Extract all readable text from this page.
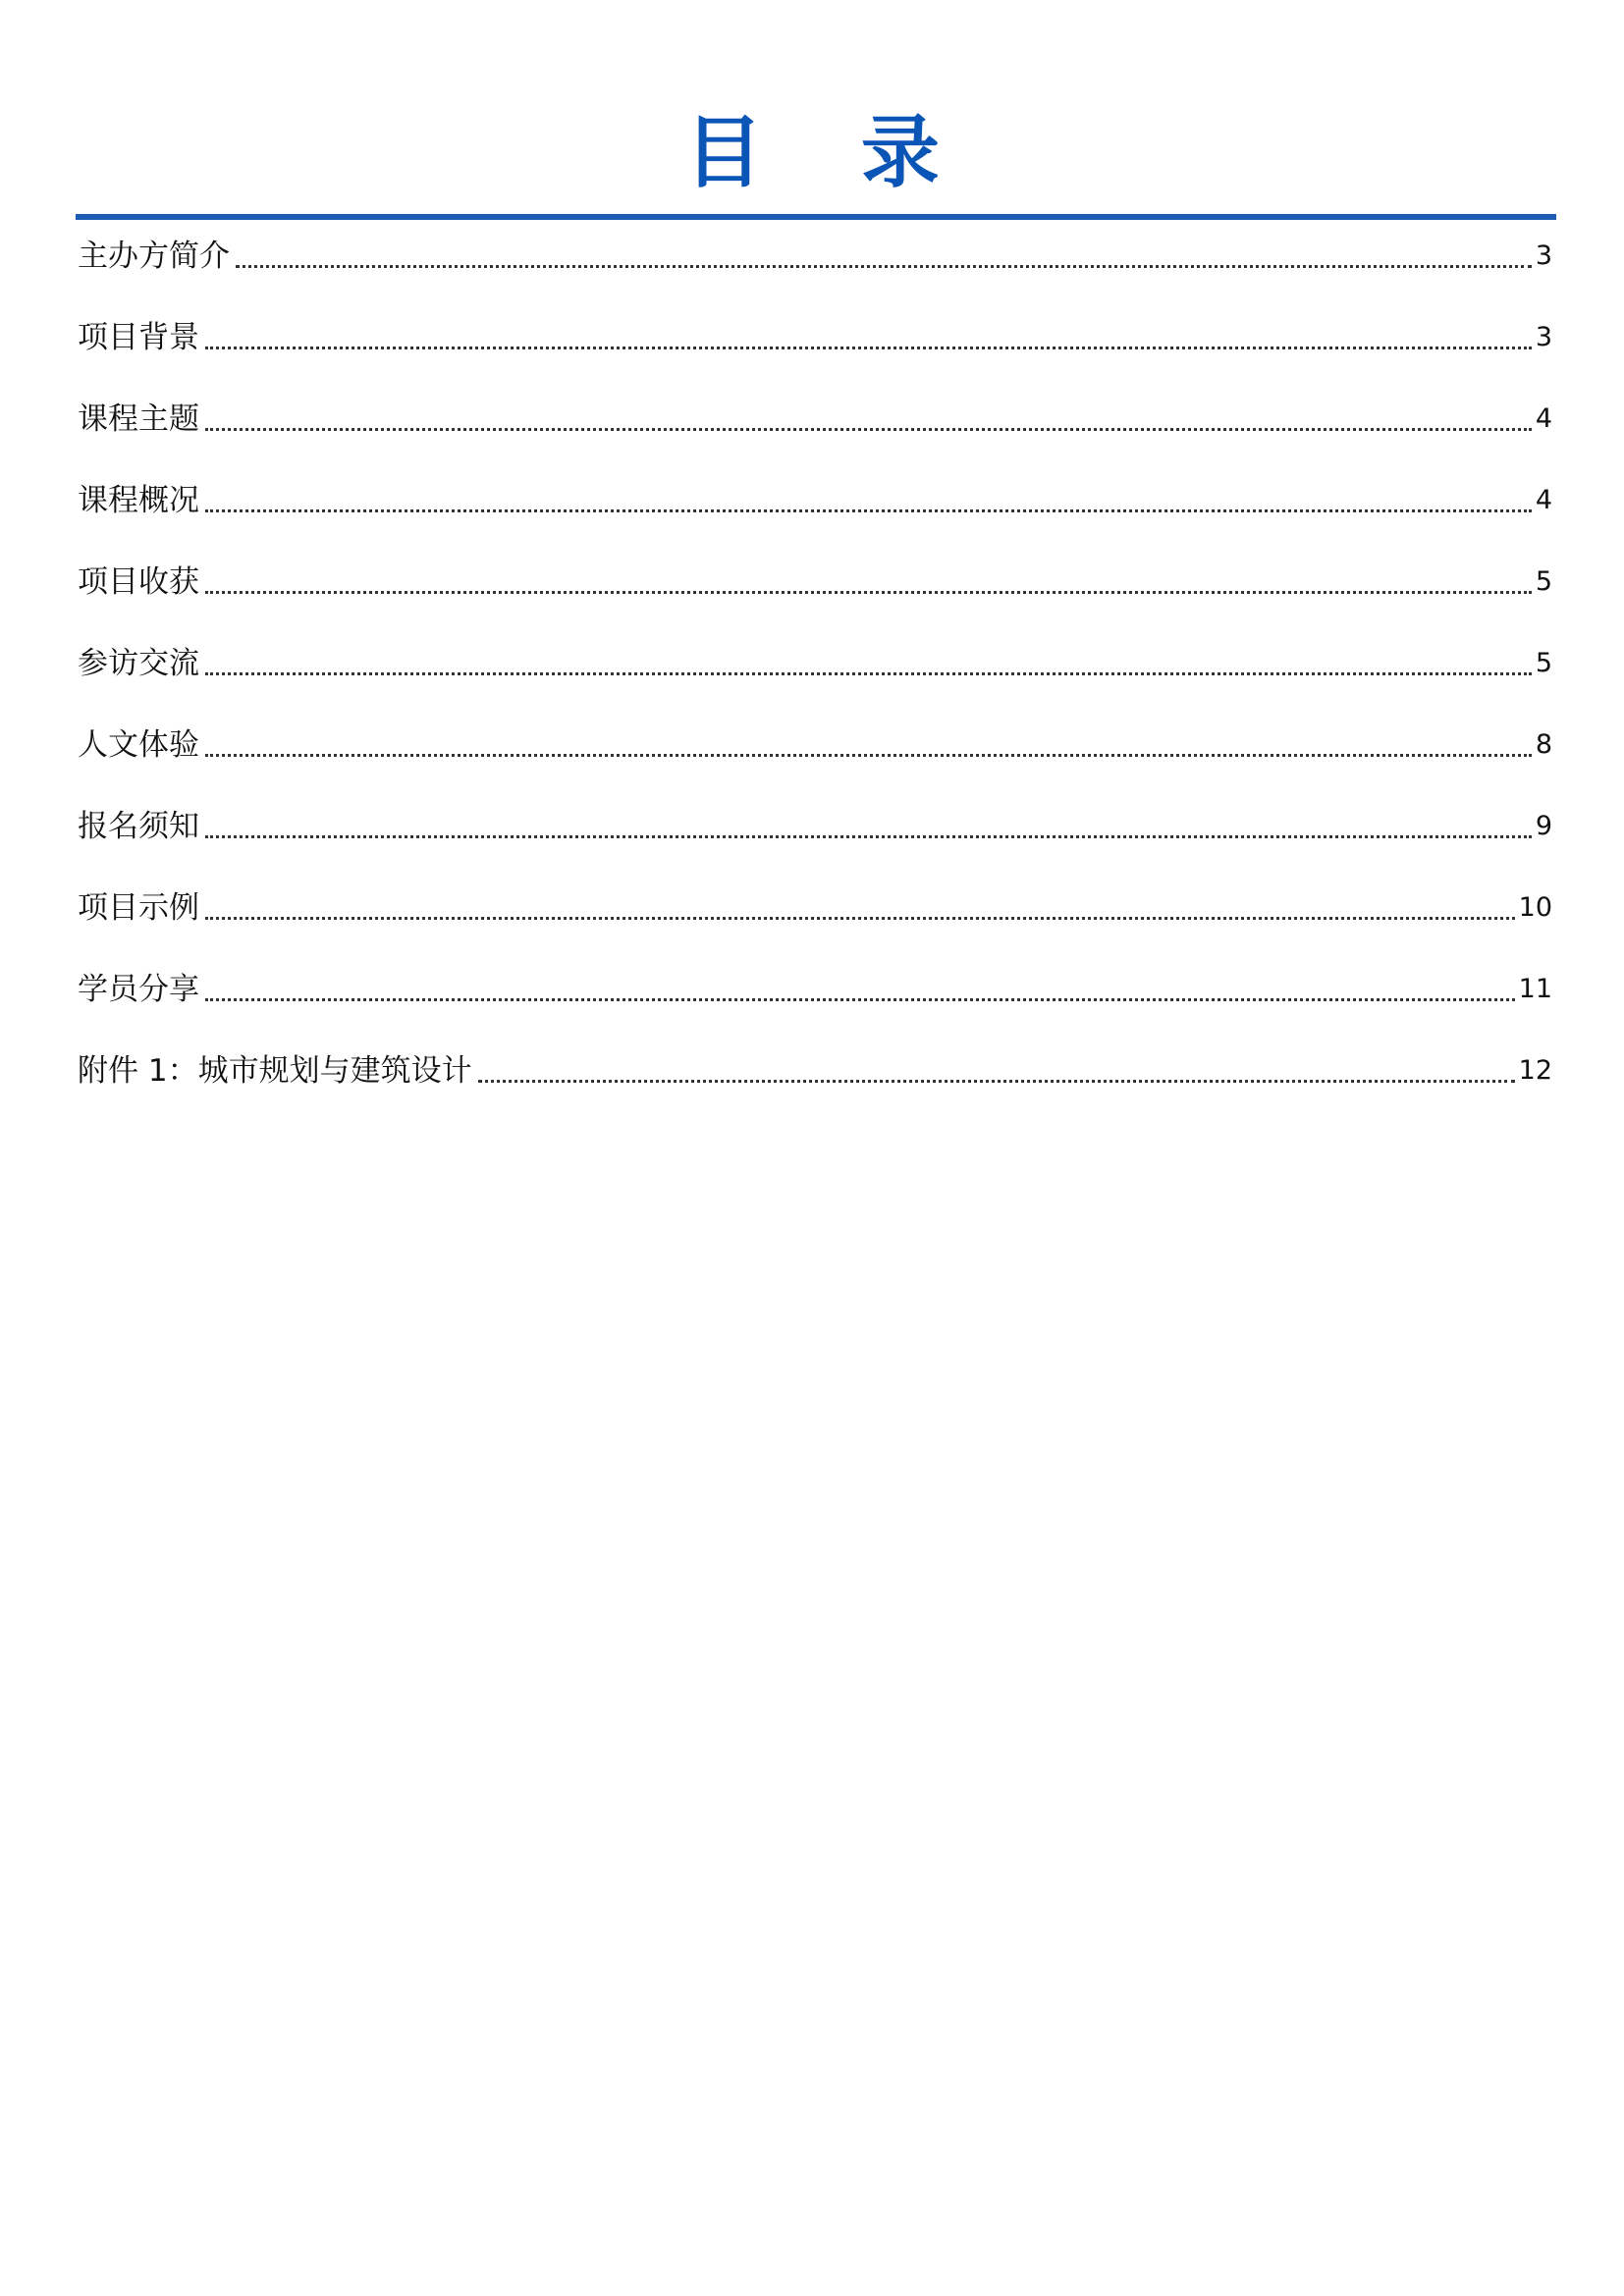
目 录
主办方简介	3
项目背景	3
课程主题	4
课程概况	4
项目收获	5
参访交流	5
人文体验	8
报名须知	9
项目示例	10
学员分享	11
附件 1：城市规划与建筑设计	12
